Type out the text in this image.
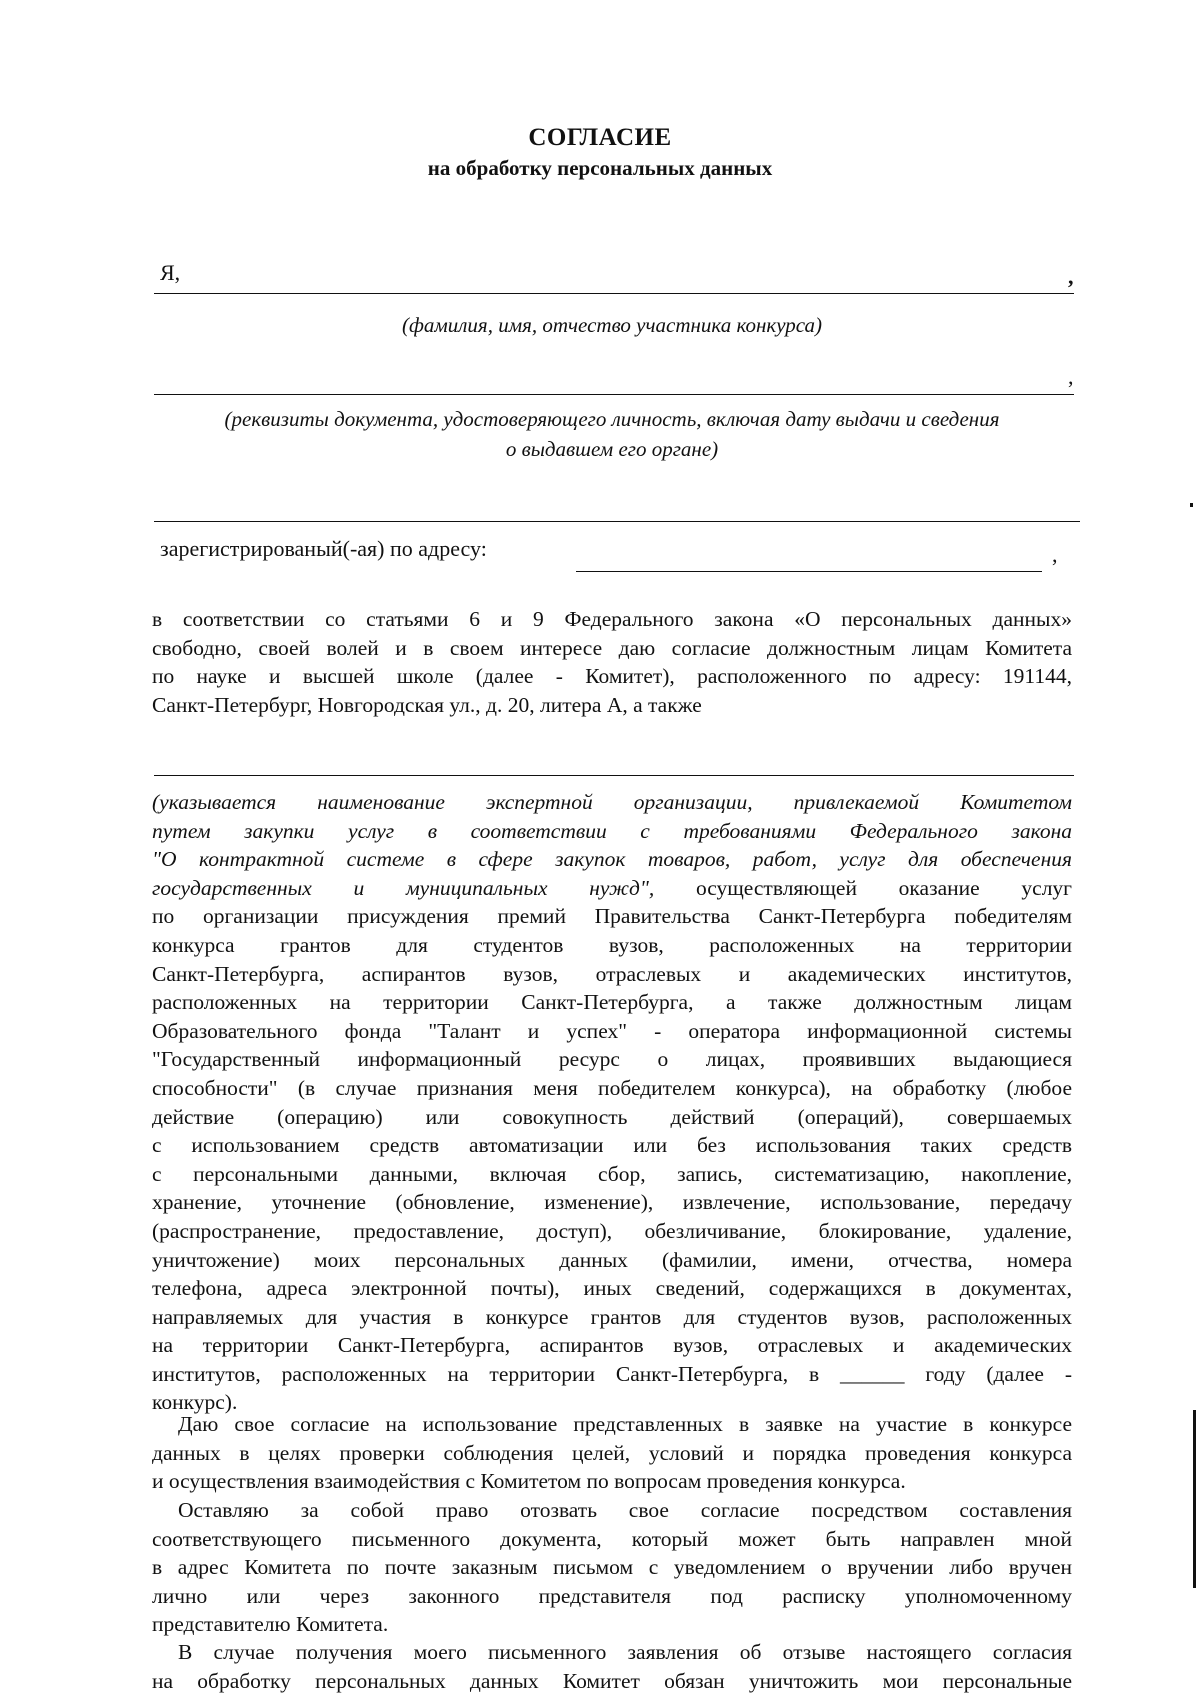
СОГЛАСИЕ
на обработку персональных данных
Я,	,
(фамилия, имя, отчество участника конкурса)
,
(реквизиты документа, удостоверяющего личность, включая дату выдачи и сведения
о выдавшем его органе)
зарегистрированый(-ая) по адресу:	,
в соответствии со статьями 6 и 9 Федерального закона «О персональных данных»
свободно, своей волей и в своем интересе даю согласие должностным лицам Комитета
по науке и высшей школе (далее - Комитет), расположенного по адресу: 191144,
Санкт-Петербург, Новгородская ул., д. 20, литера А, а также
(указывается наименование экспертной организации, привлекаемой Комитетом
путем закупки услуг в соответствии с требованиями Федерального закона
"О контрактной системе в сфере закупок товаров, работ, услуг для обеспечения
государственных и муниципальных нужд", осуществляющей оказание услуг
по организации присуждения премий Правительства Санкт-Петербурга победителям
конкурса грантов для студентов вузов, расположенных на территории
Санкт-Петербурга, аспирантов вузов, отраслевых и академических институтов,
расположенных на территории Санкт-Петербурга, а также должностным лицам
Образовательного фонда "Талант и успех" - оператора информационной системы
"Государственный информационный ресурс о лицах, проявивших выдающиеся
способности" (в случае признания меня победителем конкурса), на обработку (любое
действие (операцию) или совокупность действий (операций), совершаемых
с использованием средств автоматизации или без использования таких средств
с персональными данными, включая сбор, запись, систематизацию, накопление,
хранение, уточнение (обновление, изменение), извлечение, использование, передачу
(распространение, предоставление, доступ), обезличивание, блокирование, удаление,
уничтожение) моих персональных данных (фамилии, имени, отчества, номера
телефона, адреса электронной почты), иных сведений, содержащихся в документах,
направляемых для участия в конкурсе грантов для студентов вузов, расположенных
на территории Санкт-Петербурга, аспирантов вузов, отраслевых и академических
институтов, расположенных на территории Санкт-Петербурга, в ______ году (далее -
конкурс).
Даю свое согласие на использование представленных в заявке на участие в конкурсе
данных в целях проверки соблюдения целей, условий и порядка проведения конкурса
и осуществления взаимодействия с Комитетом по вопросам проведения конкурса.
Оставляю за собой право отозвать свое согласие посредством составления
соответствующего письменного документа, который может быть направлен мной
в адрес Комитета по почте заказным письмом с уведомлением о вручении либо вручен
лично или через законного представителя под расписку уполномоченному
представителю Комитета.
В случае получения моего письменного заявления об отзыве настоящего согласия
на обработку персональных данных Комитет обязан уничтожить мои персональные
